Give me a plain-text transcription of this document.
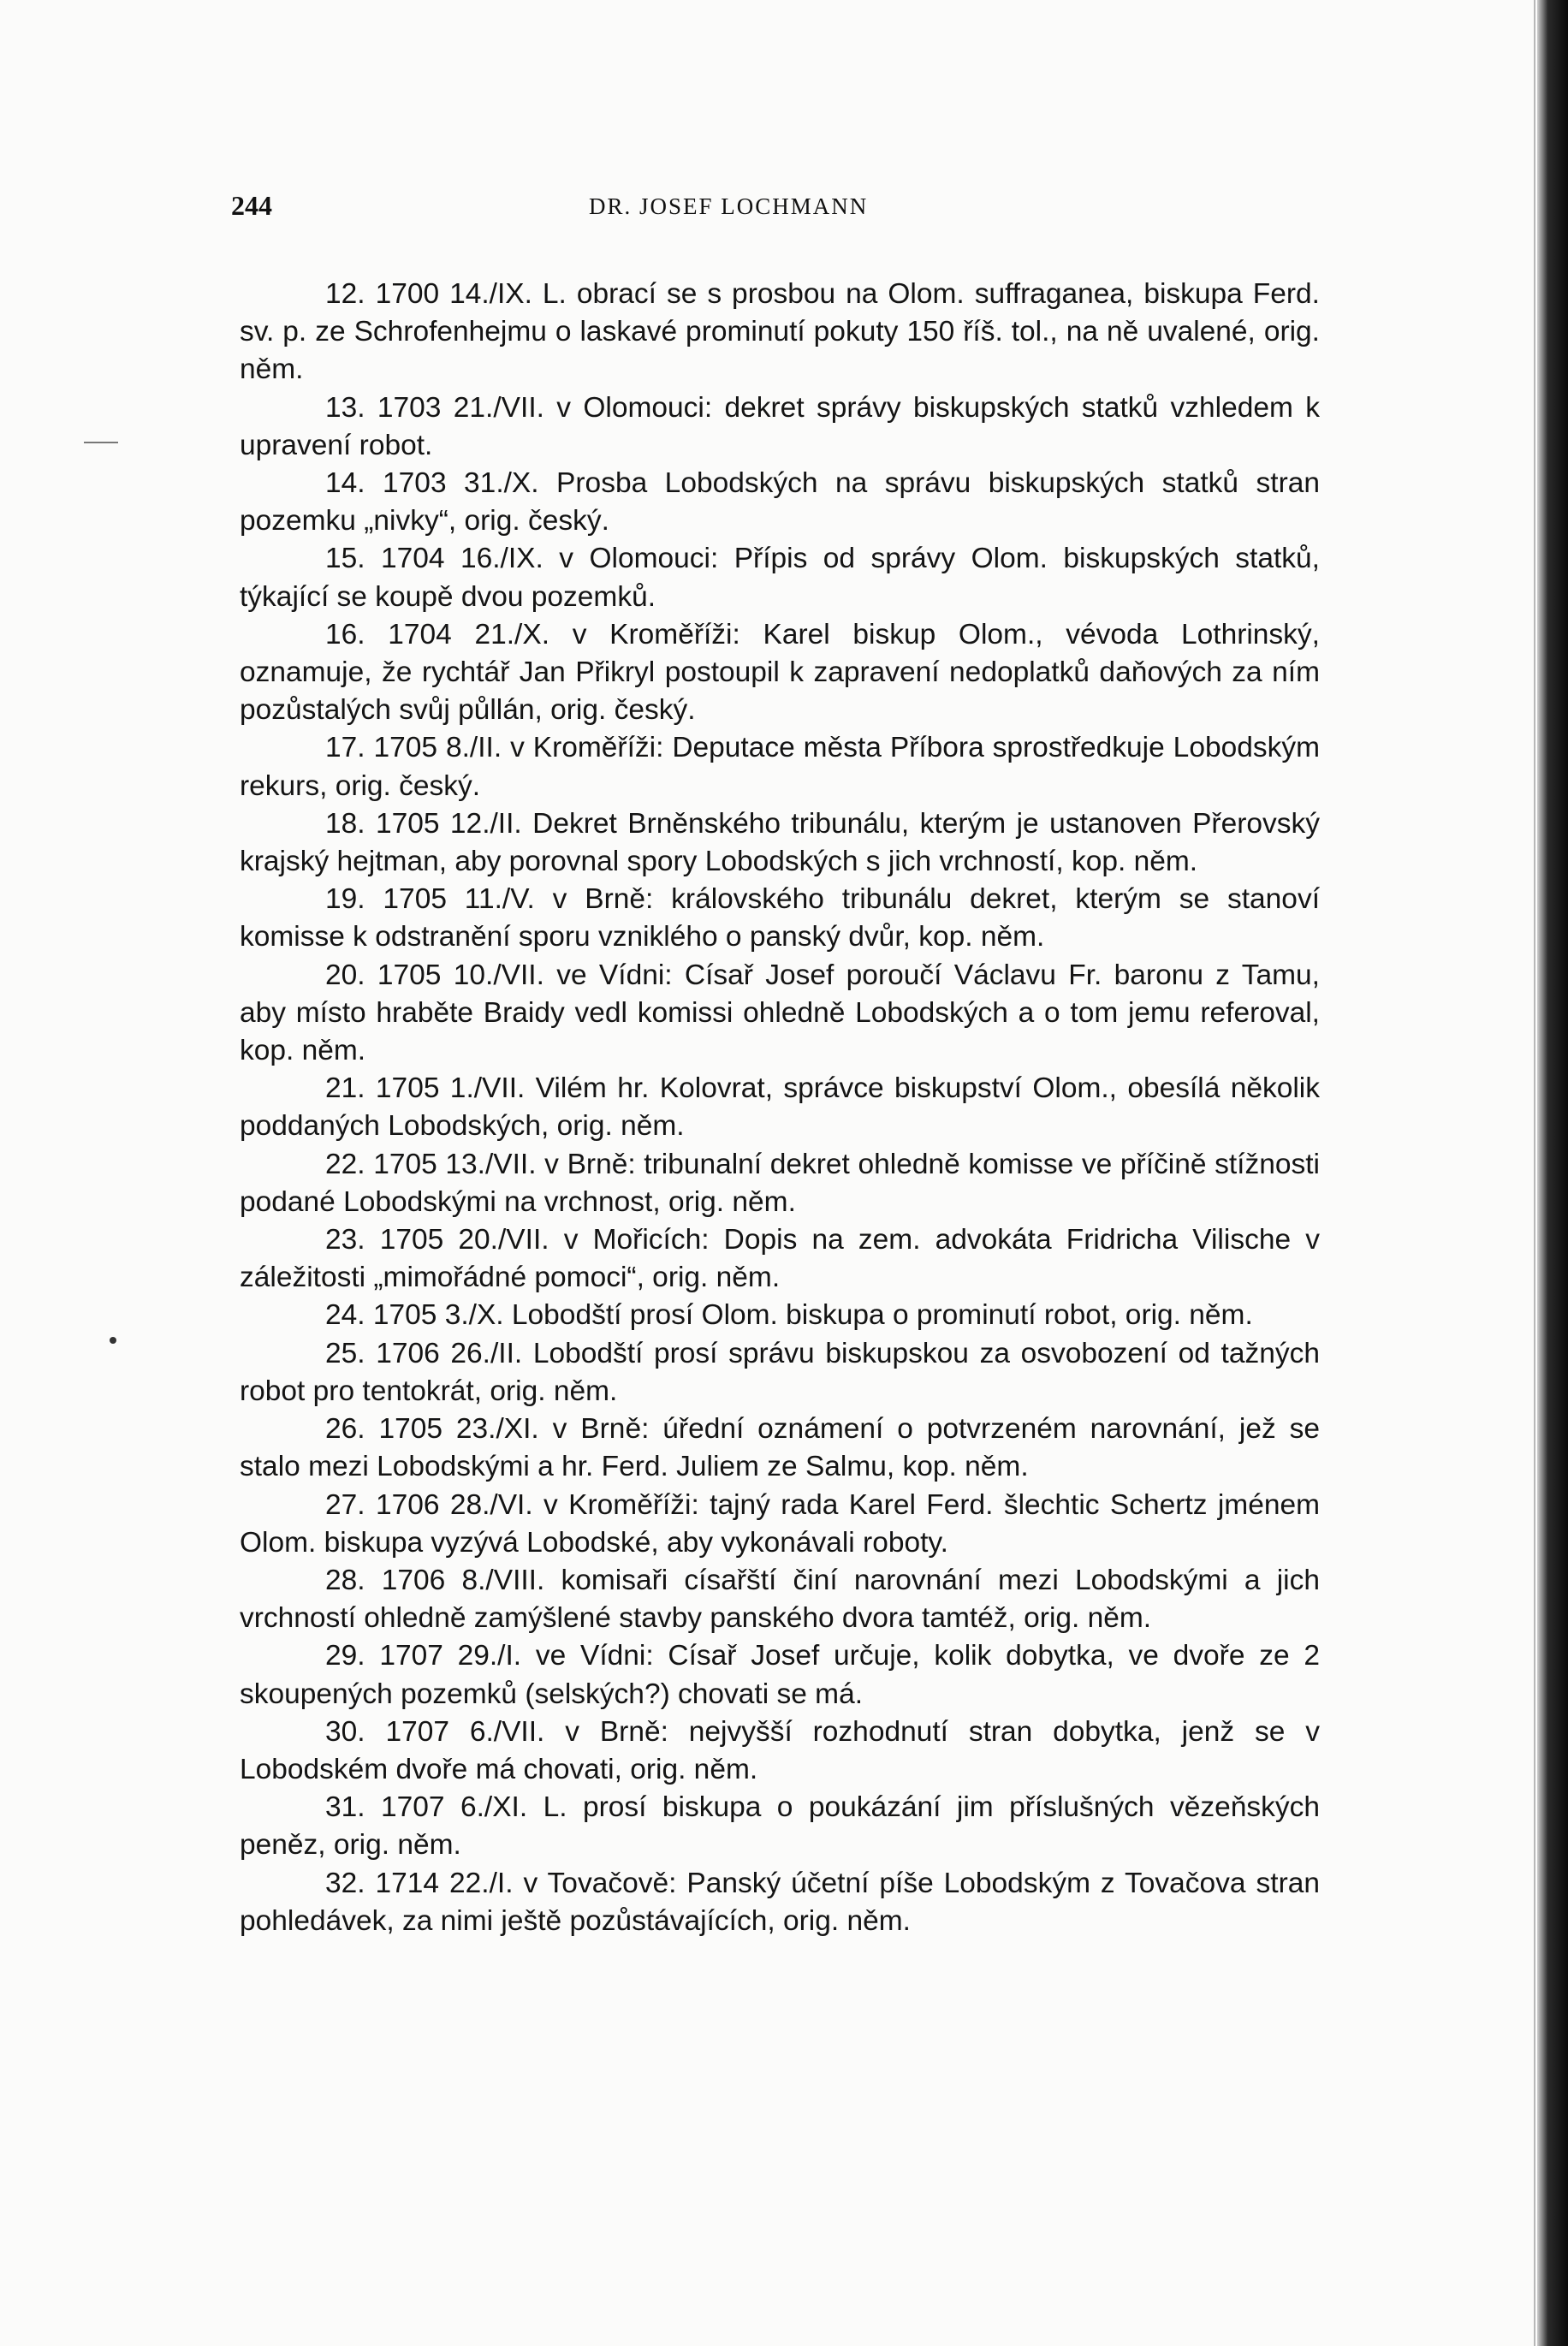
244	DR. JOSEF LOCHMANN

12. 1700 14./IX. L. obrací se s prosbou na Olom. suffraganea, biskupa Ferd. sv. p. ze Schrofenhejmu o laskavé prominutí pokuty 150 říš. tol., na ně uvalené, orig. něm.

13. 1703 21./VII. v Olomouci: dekret správy biskupských statků vzhledem k upravení robot.

14. 1703 31./X. Prosba Lobodských na správu biskupských statků stran pozemku „nivky“, orig. český.

15. 1704 16./IX. v Olomouci: Přípis od správy Olom. biskupských statků, týkající se koupě dvou pozemků.

16. 1704 21./X. v Kroměříži: Karel biskup Olom., vévoda Lothrinský, oznamuje, že rychtář Jan Přikryl postoupil k zapravení nedoplatků daňových za ním pozůstalých svůj půllán, orig. český.

17. 1705 8./II. v Kroměříži: Deputace města Příbora sprostředkuje Lobodským rekurs, orig. český.

18. 1705 12./II. Dekret Brněnského tribunálu, kterým je ustanoven Přerovský krajský hejtman, aby porovnal spory Lobodských s jich vrchností, kop. něm.

19. 1705 11./V. v Brně: královského tribunálu dekret, kterým se stanoví komisse k odstranění sporu vzniklého o panský dvůr, kop. něm.

20. 1705 10./VII. ve Vídni: Císař Josef poroučí Václavu Fr. baronu z Tamu, aby místo hraběte Braidy vedl komissi ohledně Lobodských a o tom jemu referoval, kop. něm.

21. 1705 1./VII. Vilém hr. Kolovrat, správce biskupství Olom., obesílá několik poddaných Lobodských, orig. něm.

22. 1705 13./VII. v Brně: tribunalní dekret ohledně komisse ve příčině stížnosti podané Lobodskými na vrchnost, orig. něm.

23. 1705 20./VII. v Mořicích: Dopis na zem. advokáta Fridricha Vilische v záležitosti „mimořádné pomoci“, orig. něm.

24. 1705 3./X. Lobodští prosí Olom. biskupa o prominutí robot, orig. něm.

25. 1706 26./II. Lobodští prosí správu biskupskou za osvobození od tažných robot pro tentokrát, orig. něm.

26. 1705 23./XI. v Brně: úřední oznámení o potvrzeném narovnání, jež se stalo mezi Lobodskými a hr. Ferd. Juliem ze Salmu, kop. něm.

27. 1706 28./VI. v Kroměříži: tajný rada Karel Ferd. šlechtic Schertz jménem Olom. biskupa vyzývá Lobodské, aby vykonávali roboty.

28. 1706 8./VIII. komisaři císařští činí narovnání mezi Lobodskými a jich vrchností ohledně zamýšlené stavby panského dvora tamtéž, orig. něm.

29. 1707 29./I. ve Vídni: Císař Josef určuje, kolik dobytka, ve dvoře ze 2 skoupených pozemků (selských?) chovati se má.

30. 1707 6./VII. v Brně: nejvyšší rozhodnutí stran dobytka, jenž se v Lobodském dvoře má chovati, orig. něm.

31. 1707 6./XI. L. prosí biskupa o poukázání jim příslušných vězeňských peněz, orig. něm.

32. 1714 22./I. v Tovačově: Panský účetní píše Lobodským z Tovačova stran pohledávek, za nimi ještě pozůstávajících, orig. něm.
